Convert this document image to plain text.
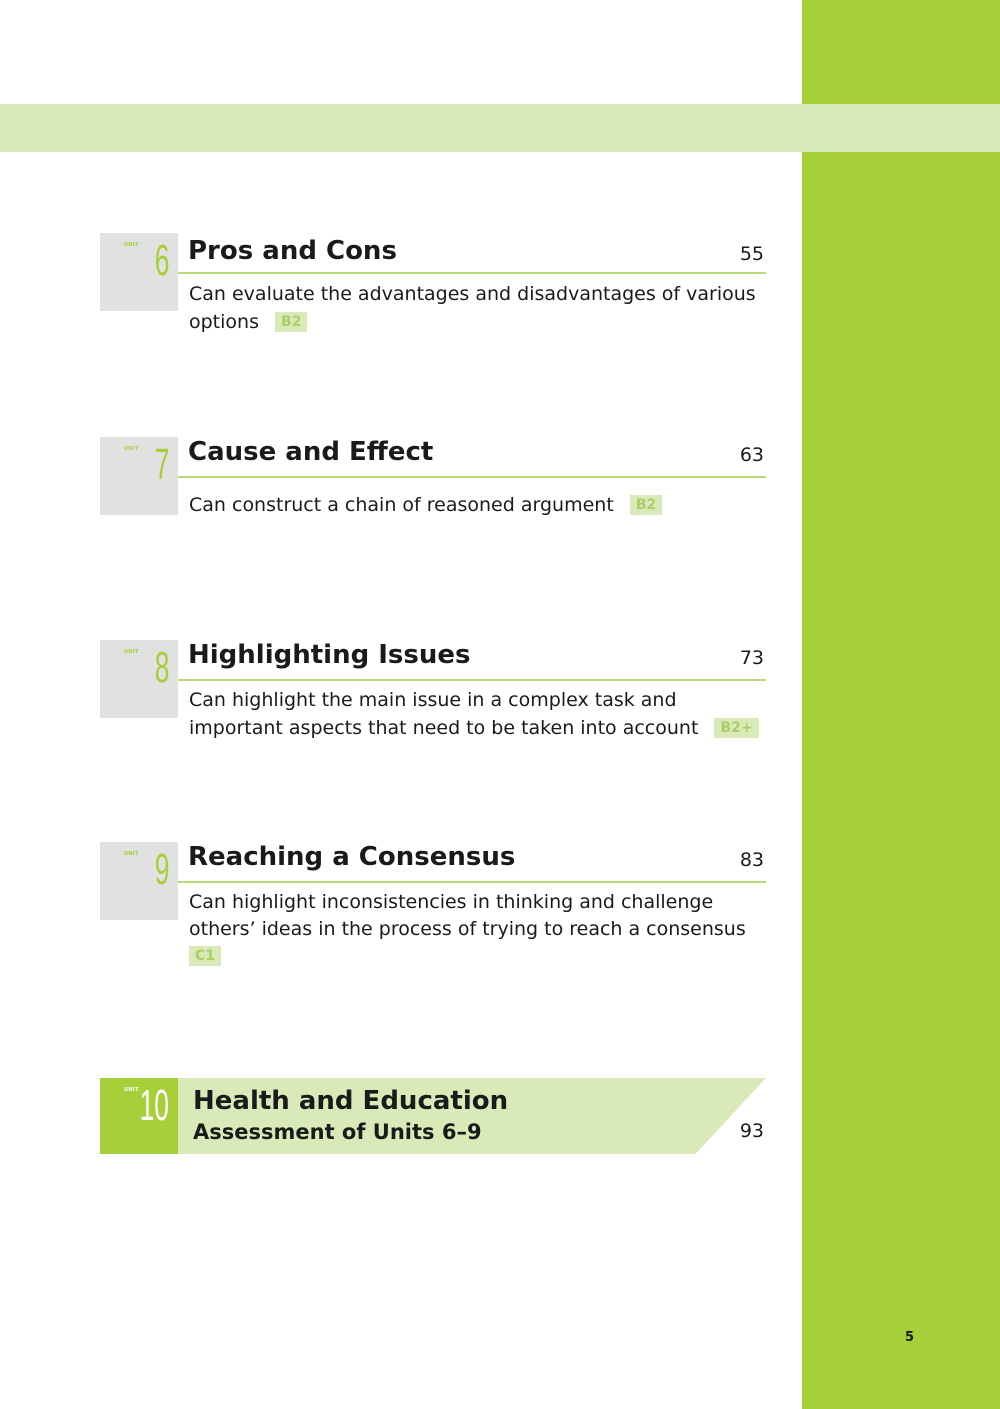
UNIT 6 Pros and Cons	55
Can evaluate the advantages and disadvantages of various options B2
UNIT 7 Cause and Effect	63
Can construct a chain of reasoned argument B2
UNIT 8 Highlighting Issues	73
Can highlight the main issue in a complex task and important aspects that need to be taken into account B2+
UNIT 9 Reaching a Consensus	83
Can highlight inconsistencies in thinking and challenge others’ ideas in the process of trying to reach a consensus
C1
UNIT 10 Health and Education
Assessment of Units 6–9	93
5
